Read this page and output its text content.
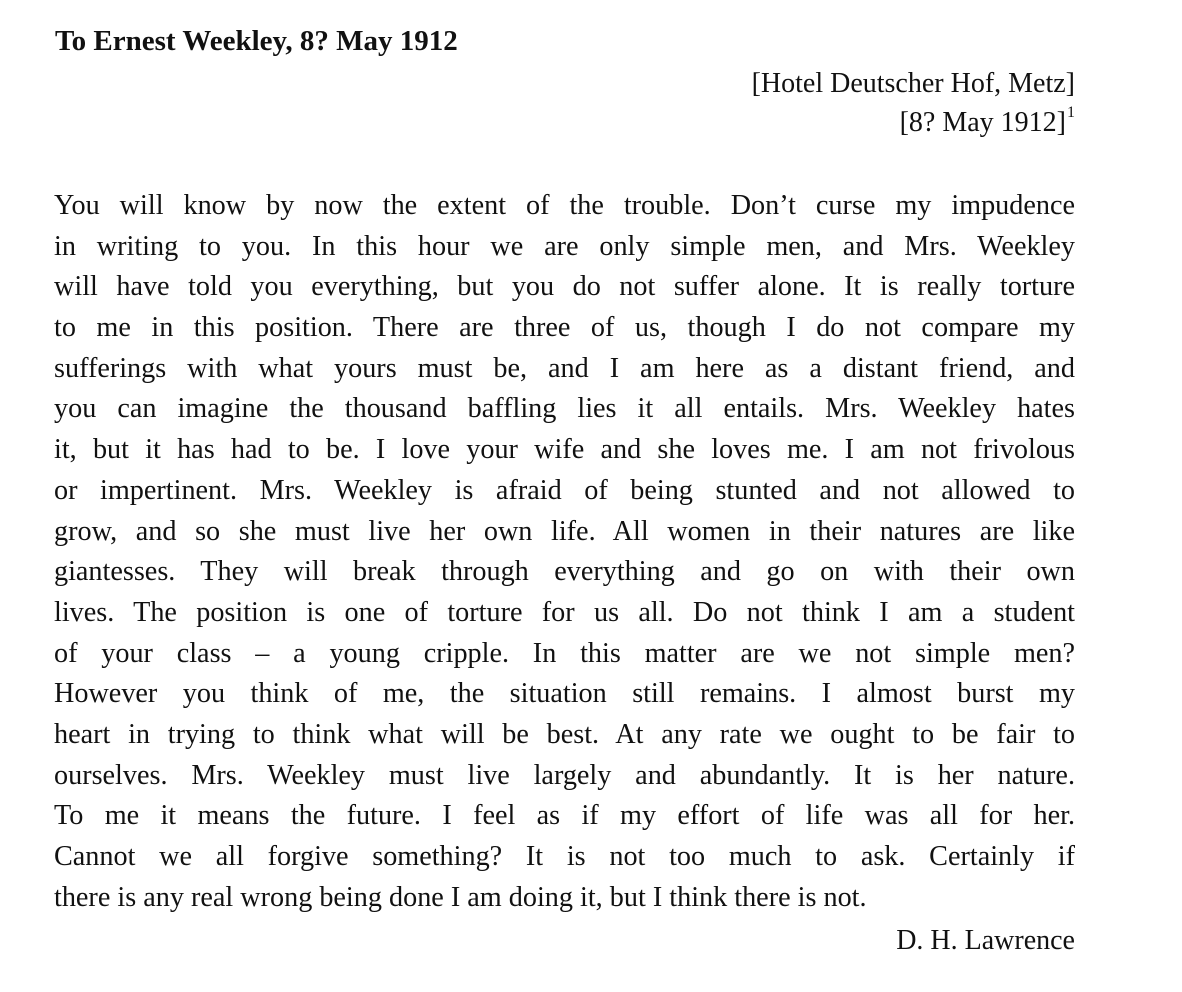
To Ernest Weekley, 8? May 1912
[Hotel Deutscher Hof, Metz]
[8? May 1912]$^1$
You will know by now the extent of the trouble. Don’t curse my impudence
in writing to you. In this hour we are only simple men, and Mrs. Weekley
will have told you everything, but you do not suffer alone. It is really torture
to me in this position. There are three of us, though I do not compare my
sufferings with what yours must be, and I am here as a distant friend, and
you can imagine the thousand baffling lies it all entails. Mrs. Weekley hates
it, but it has had to be. I love your wife and she loves me. I am not frivolous
or impertinent. Mrs. Weekley is afraid of being stunted and not allowed to
grow, and so she must live her own life. All women in their natures are like
giantesses. They will break through everything and go on with their own
lives. The position is one of torture for us all. Do not think I am a student
of your class – a young cripple. In this matter are we not simple men?
However you think of me, the situation still remains. I almost burst my
heart in trying to think what will be best. At any rate we ought to be fair to
ourselves. Mrs. Weekley must live largely and abundantly. It is her nature.
To me it means the future. I feel as if my effort of life was all for her.
Cannot we all forgive something? It is not too much to ask. Certainly if
there is any real wrong being done I am doing it, but I think there is not.
D. H. Lawrence
